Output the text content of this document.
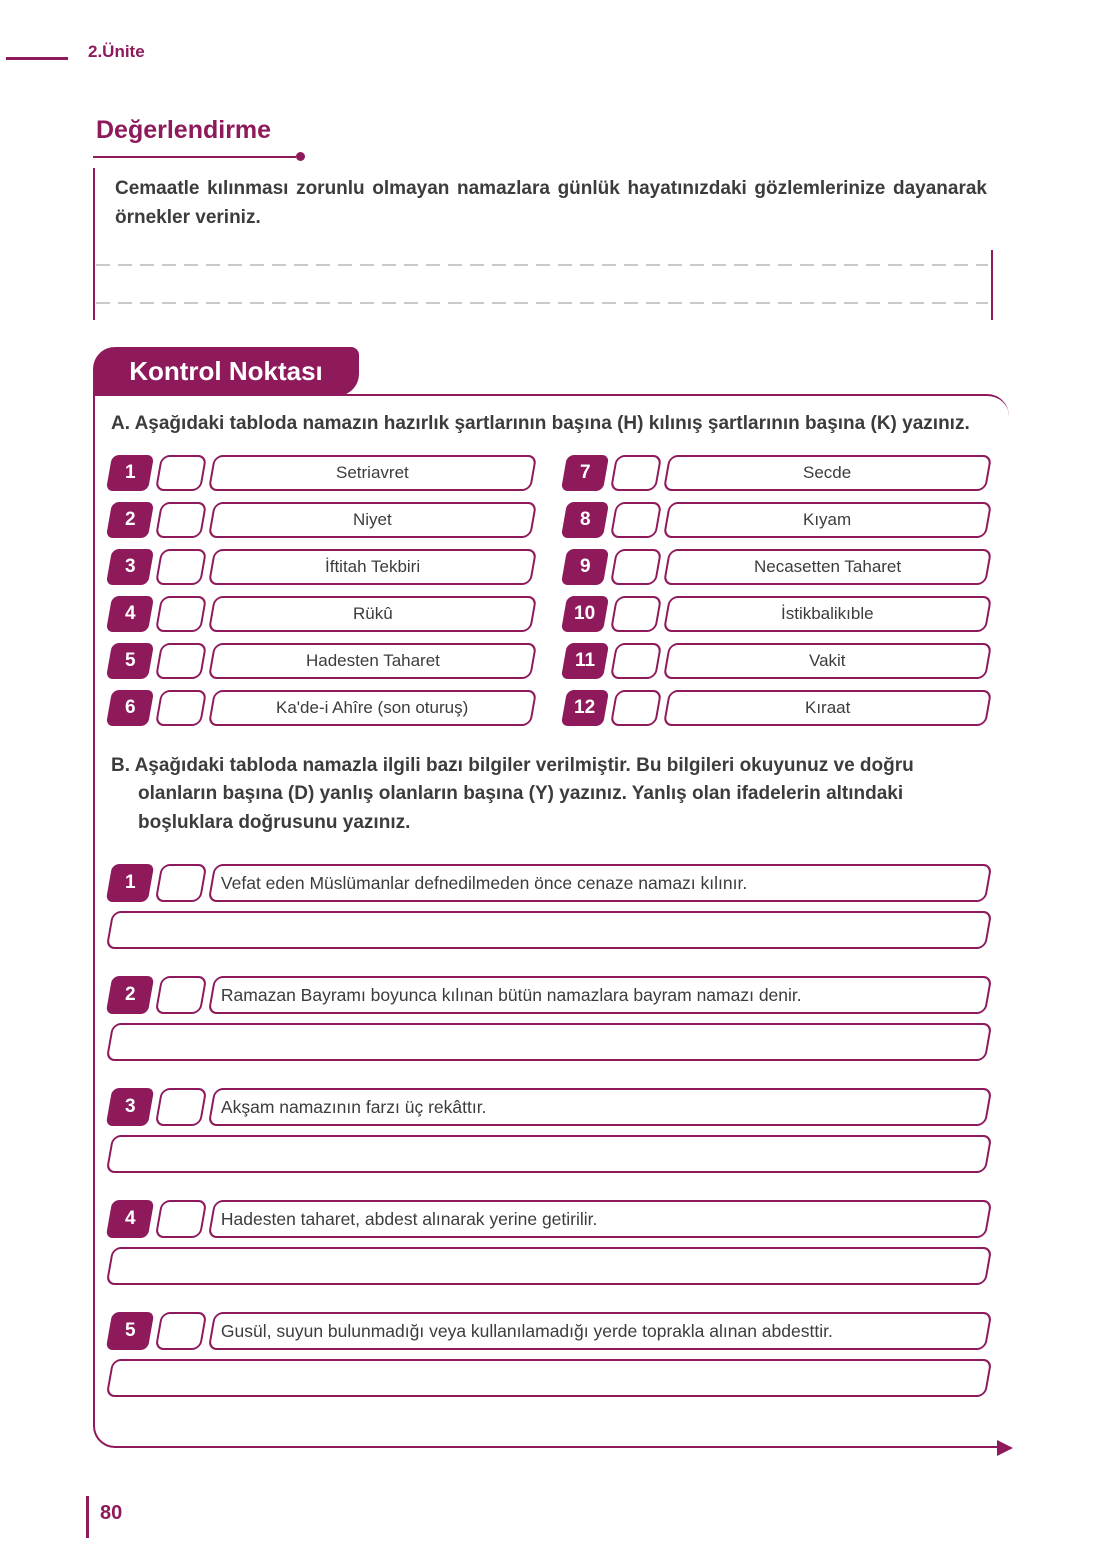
2.Ünite
Değerlendirme
Cemaatle kılınması zorunlu olmayan namazlara günlük hayatınızdaki gözlemlerinize dayanarak örnekler veriniz.
Kontrol Noktası
A. Aşağıdaki tabloda namazın hazırlık şartlarının başına (H) kılınış şartlarının başına (K) yazınız.
1	Setriavret
2	Niyet
3	İftitah Tekbiri
4	Rükû
5	Hadesten Taharet
6	Ka'de-i Ahîre (son oturuş)
7	Secde
8	Kıyam
9	Necasetten Taharet
10	İstikbalikıble
11	Vakit
12	Kıraat
B. Aşağıdaki tabloda namazla ilgili bazı bilgiler verilmiştir. Bu bilgileri okuyunuz ve doğru olanların başına (D) yanlış olanların başına (Y) yazınız. Yanlış olan ifadelerin altındaki boşluklara doğrusunu yazınız.
1	Vefat eden Müslümanlar defnedilmeden önce cenaze namazı kılınır.
2	Ramazan Bayramı boyunca kılınan bütün namazlara bayram namazı denir.
3	Akşam namazının farzı üç rekâttır.
4	Hadesten taharet, abdest alınarak yerine getirilir.
5	Gusül, suyun bulunmadığı veya kullanılamadığı yerde toprakla alınan abdesttir.
80
